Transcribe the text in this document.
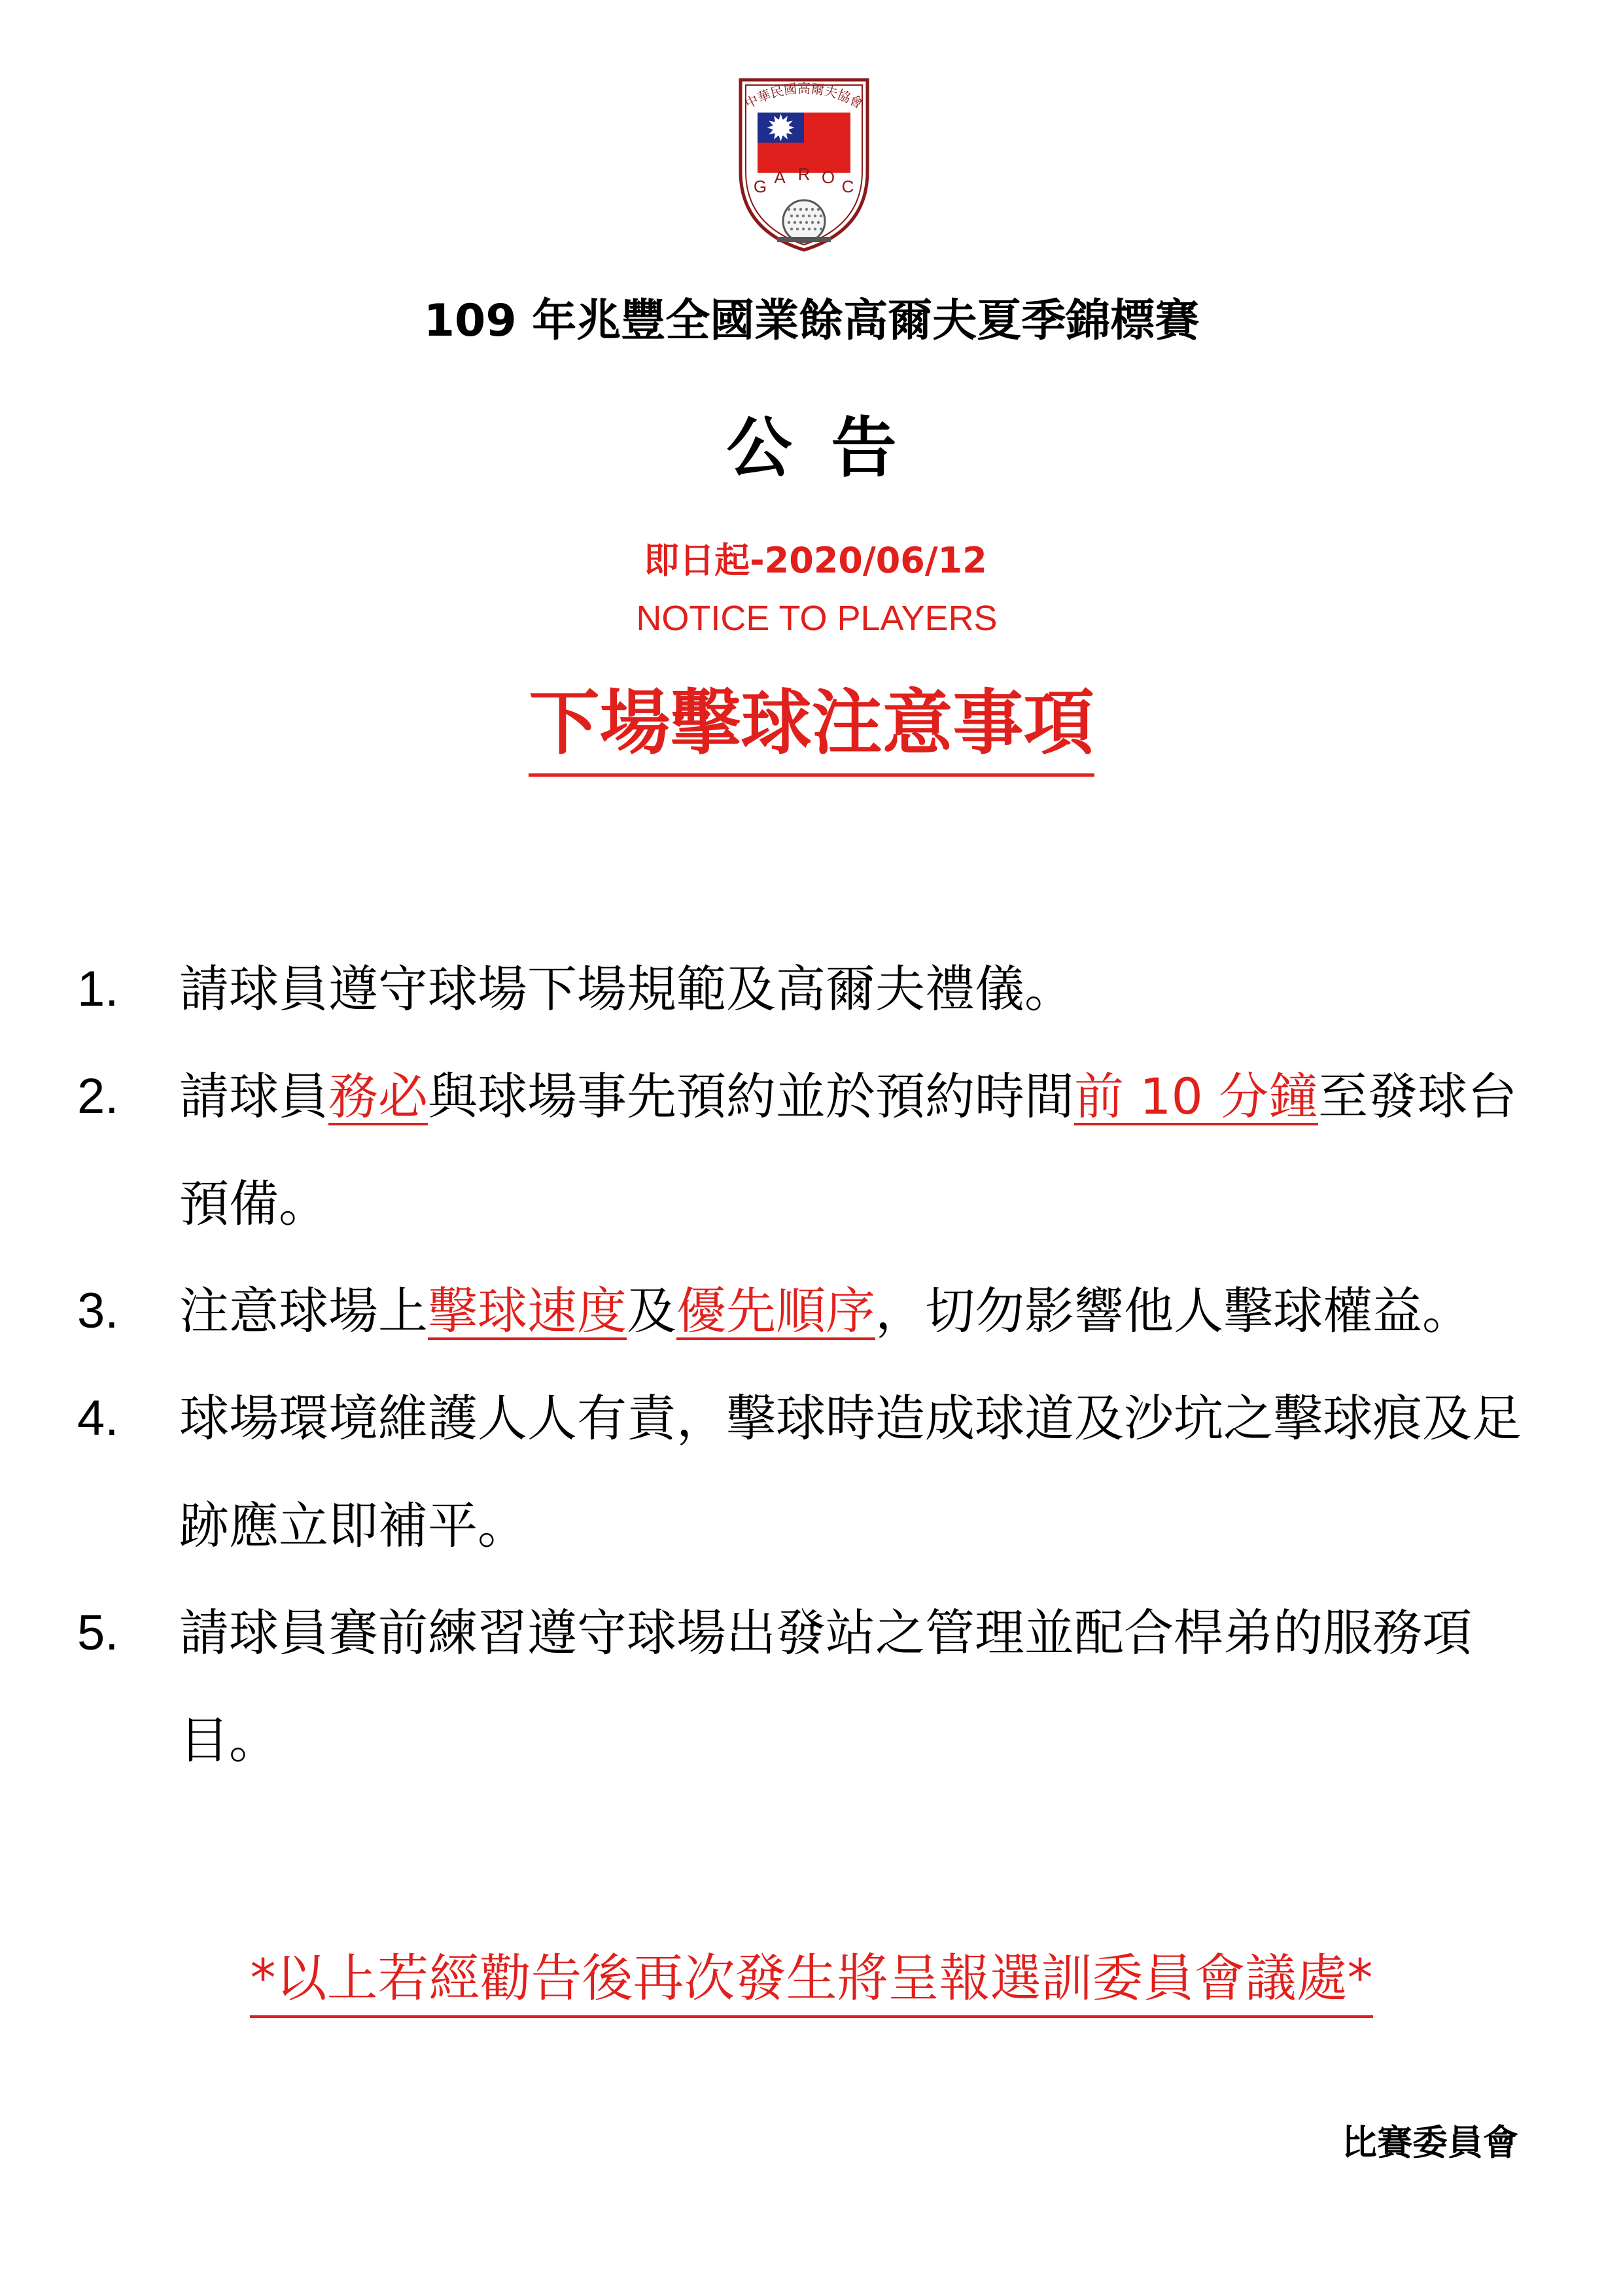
中華民國高爾夫協會
G A R O C
109 年兆豐全國業餘高爾夫夏季錦標賽
公告
即日起-2020/06/12
NOTICE TO PLAYERS
下場擊球注意事項
1. 請球員遵守球場下場規範及高爾夫禮儀。
2. 請球員務必與球場事先預約並於預約時間前 10 分鐘至發球台預備。
3. 注意球場上擊球速度及優先順序，切勿影響他人擊球權益。
4. 球場環境維護人人有責，擊球時造成球道及沙坑之擊球痕及足跡應立即補平。
5. 請球員賽前練習遵守球場出發站之管理並配合桿弟的服務項目。
*以上若經勸告後再次發生將呈報選訓委員會議處*
比賽委員會
